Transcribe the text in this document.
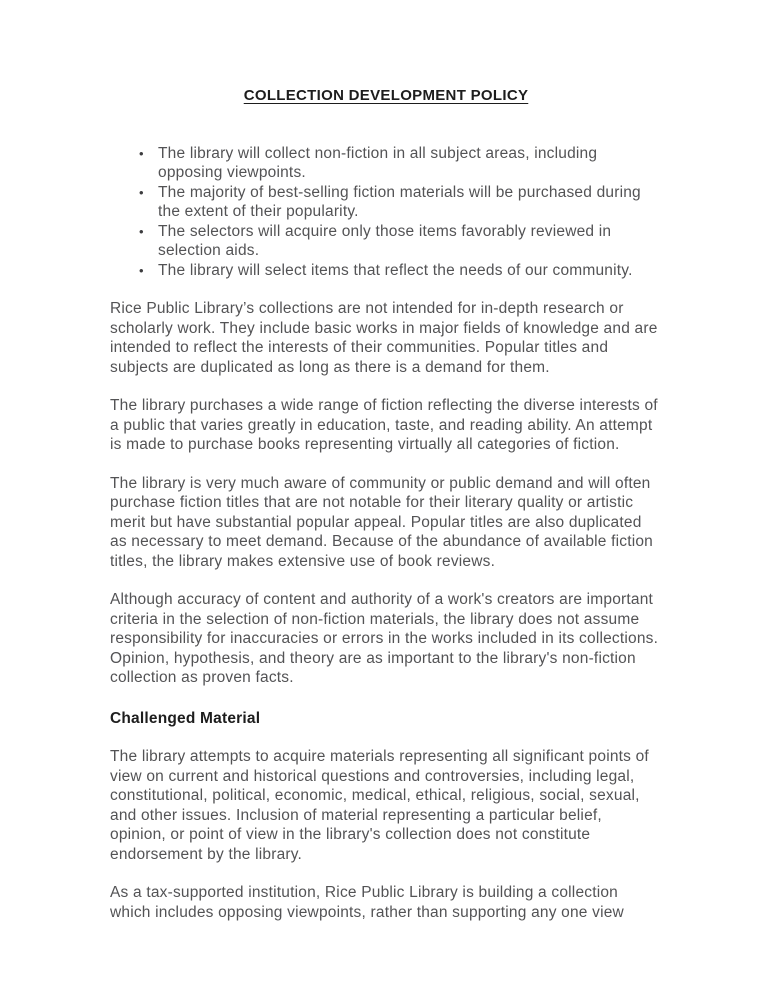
COLLECTION DEVELOPMENT POLICY
• The library will collect non-fiction in all subject areas, including opposing viewpoints.
• The majority of best-selling fiction materials will be purchased during the extent of their popularity.
• The selectors will acquire only those items favorably reviewed in selection aids.
• The library will select items that reflect the needs of our community.

Rice Public Library’s collections are not intended for in-depth research or scholarly work. They include basic works in major fields of knowledge and are intended to reflect the interests of their communities. Popular titles and subjects are duplicated as long as there is a demand for them.

The library purchases a wide range of fiction reflecting the diverse interests of a public that varies greatly in education, taste, and reading ability. An attempt is made to purchase books representing virtually all categories of fiction.

The library is very much aware of community or public demand and will often purchase fiction titles that are not notable for their literary quality or artistic merit but have substantial popular appeal. Popular titles are also duplicated as necessary to meet demand. Because of the abundance of available fiction titles, the library makes extensive use of book reviews.

Although accuracy of content and authority of a work's creators are important criteria in the selection of non-fiction materials, the library does not assume responsibility for inaccuracies or errors in the works included in its collections.  Opinion, hypothesis, and theory are as important to the library's non-fiction collection as proven facts.

Challenged Material

The library attempts to acquire materials representing all significant points of view on current and historical questions and controversies, including legal, constitutional, political, economic, medical, ethical, religious, social, sexual, and other issues. Inclusion of material representing a particular belief, opinion, or point of view in the library's collection does not constitute endorsement by the library.

As a tax-supported institution, Rice Public Library is building a collection which includes opposing viewpoints, rather than supporting any one view
